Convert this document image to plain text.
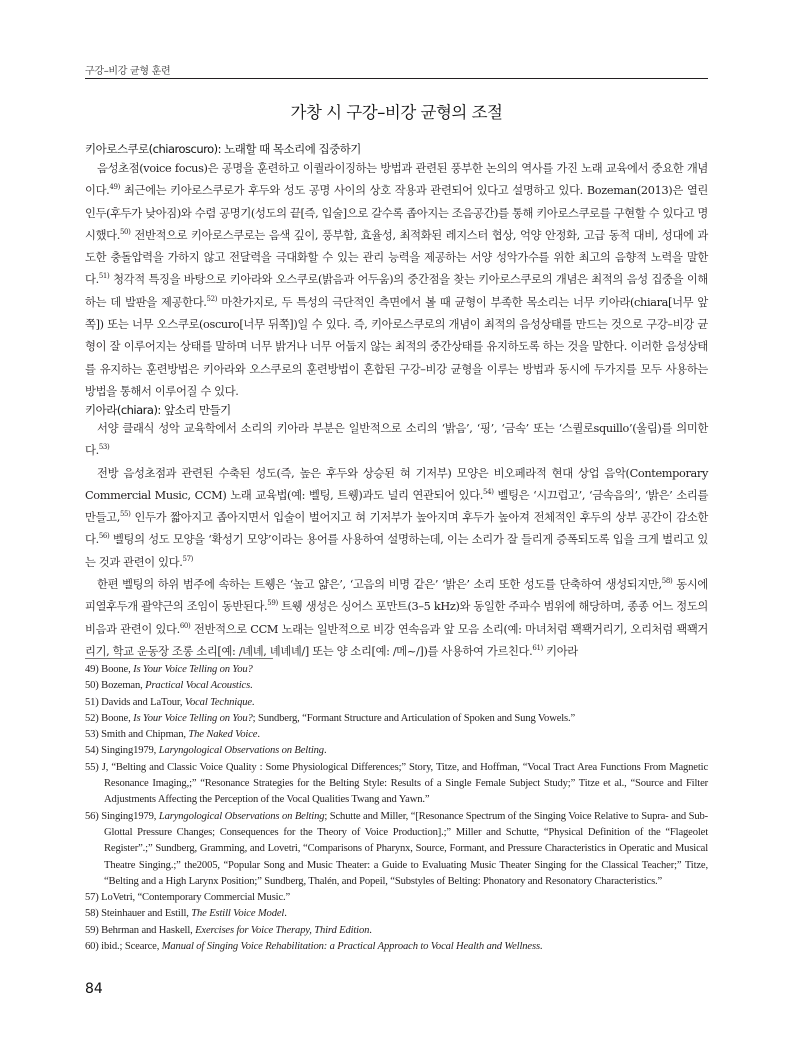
구강–비강 균형 훈련
가창 시 구강–비강 균형의 조절
키아로스쿠로(chiaroscuro): 노래할 때 목소리에 집중하기

음성초점(voice focus)은 공명을 훈련하고 이퀄라이징하는 방법과 관련된 풍부한 논의의 역사를 가진 노래 교육에서 중요한 개념이다.$^{49)}$ 최근에는 키아로스쿠로가 후두와 성도 공명 사이의 상호 작용과 관련되어 있다고 설명하고 있다. Bozeman(2013)은 열린 인두(후두가 낮아짐)와 수렴 공명기(성도의 끝[즉, 입술]으로 갈수록 좁아지는 조음공간)를 통해 키아로스쿠로를 구현할 수 있다고 명시했다.$^{50)}$ 전반적으로 키아로스쿠로는 음색 깊이, 풍부함, 효율성, 최적화된 레지스터 협상, 억양 안정화, 고급 동적 대비, 성대에 과도한 충돌압력을 가하지 않고 전달력을 극대화할 수 있는 관리 능력을 제공하는 서양 성악가수를 위한 최고의 음향적 노력을 말한다.$^{51)}$ 청각적 특징을 바탕으로 키아라와 오스쿠로(밝음과 어두움)의 중간점을 찾는 키아로스쿠로의 개념은 최적의 음성 집중을 이해하는 데 발판을 제공한다.$^{52)}$ 마찬가지로, 두 특성의 극단적인 측면에서 볼 때 균형이 부족한 목소리는 너무 키아라(chiara[너무 앞쪽]) 또는 너무 오스쿠로(oscuro[너무 뒤쪽])일 수 있다. 즉, 키아로스쿠로의 개념이 최적의 음성상태를 만드는 것으로 구강–비강 균형이 잘 이루어지는 상태를 말하며 너무 밝거나 너무 어둡지 않는 최적의 중간상태를 유지하도록 하는 것을 말한다. 이러한 음성상태를 유지하는 훈련방법은 키아라와 오스쿠로의 훈련방법이 혼합된 구강–비강 균형을 이루는 방법과 동시에 두가지를 모두 사용하는 방법을 통해서 이루어질 수 있다.

키아라(chiara): 앞소리 만들기

서양 클래식 성악 교육학에서 소리의 키아라 부분은 일반적으로 소리의 ‘밝음’, ‘핑’, ‘금속’ 또는 ‘스퀼로squillo’(울림)를 의미한다.$^{53)}$

전방 음성초점과 관련된 수축된 성도(즉, 높은 후두와 상승된 혀 기저부) 모양은 비오페라적 현대 상업 음악(Contemporary Commercial Music, CCM) 노래 교육법(예: 벨팅, 트웽)과도 널리 연관되어 있다.$^{54)}$ 벨팅은 ‘시끄럽고’, ‘금속음의’, ‘밝은’ 소리를 만들고,$^{55)}$ 인두가 짧아지고 좁아지면서 입술이 벌어지고 혀 기저부가 높아지며 후두가 높아져 전체적인 후두의 상부 공간이 감소한다.$^{56)}$ 벨팅의 성도 모양을 ‘확성기 모양’이라는 용어를 사용하여 설명하는데, 이는 소리가 잘 들리게 증폭되도록 입을 크게 벌리고 있는 것과 관련이 있다.$^{57)}$

한편 벨팅의 하위 범주에 속하는 트웽은 ‘높고 얇은’, ‘고음의 비명 같은’ ‘밝은’ 소리 또한 성도를 단축하여 생성되지만,$^{58)}$ 동시에 피열후두개 괄약근의 조임이 동반된다.$^{59)}$ 트웽 생성은 싱어스 포만트(3–5 kHz)와 동일한 주파수 범위에 해당하며, 종종 어느 정도의 비음과 관련이 있다.$^{60)}$ 전반적으로 CCM 노래는 일반적으로 비강 연속음과 앞 모음 소리(예: 마녀처럼 꽥꽥거리기, 오리처럼 꽥꽥거리기, 학교 운동장 조롱 소리[예: /녜녜, 녜녜녜/] 또는 양 소리[예: /메~/])를 사용하여 가르친다.$^{61)}$ 키아라

49) Boone, Is Your Voice Telling on You?
50) Bozeman, Practical Vocal Acoustics.
51) Davids and LaTour, Vocal Technique.
52) Boone, Is Your Voice Telling on You?; Sundberg, “Formant Structure and Articulation of Spoken and Sung Vowels.”
53) Smith and Chipman, The Naked Voice.
54) Singing1979, Laryngological Observations on Belting.
55) J, “Belting and Classic Voice Quality : Some Physiological Differences;” Story, Titze, and Hoffman, “Vocal Tract Area Functions From Magnetic Resonance Imaging,;” “Resonance Strategies for the Belting Style: Results of a Single Female Subject Study;” Titze et al., “Source and Filter Adjustments Affecting the Perception of the Vocal Qualities Twang and Yawn.”
56) Singing1979, Laryngological Observations on Belting; Schutte and Miller, “[Resonance Spectrum of the Singing Voice Relative to Supra- and Sub-Glottal Pressure Changes; Consequences for the Theory of Voice Production].;” Miller and Schutte, “Physical Definition of the “Flageolet Register”.;” Sundberg, Gramming, and Lovetri, “Comparisons of Pharynx, Source, Formant, and Pressure Characteristics in Operatic and Musical Theatre Singing.;” the2005, “Popular Song and Music Theater: a Guide to Evaluating Music Theater Singing for the Classical Teacher;” Titze, “Belting and a High Larynx Position;” Sundberg, Thalén, and Popeil, “Substyles of Belting: Phonatory and Resonatory Characteristics.”
57) LoVetri, “Contemporary Commercial Music.”
58) Steinhauer and Estill, The Estill Voice Model.
59) Behrman and Haskell, Exercises for Voice Therapy, Third Edition.
60) ibid.; Scearce, Manual of Singing Voice Rehabilitation: a Practical Approach to Vocal Health and Wellness.
84
